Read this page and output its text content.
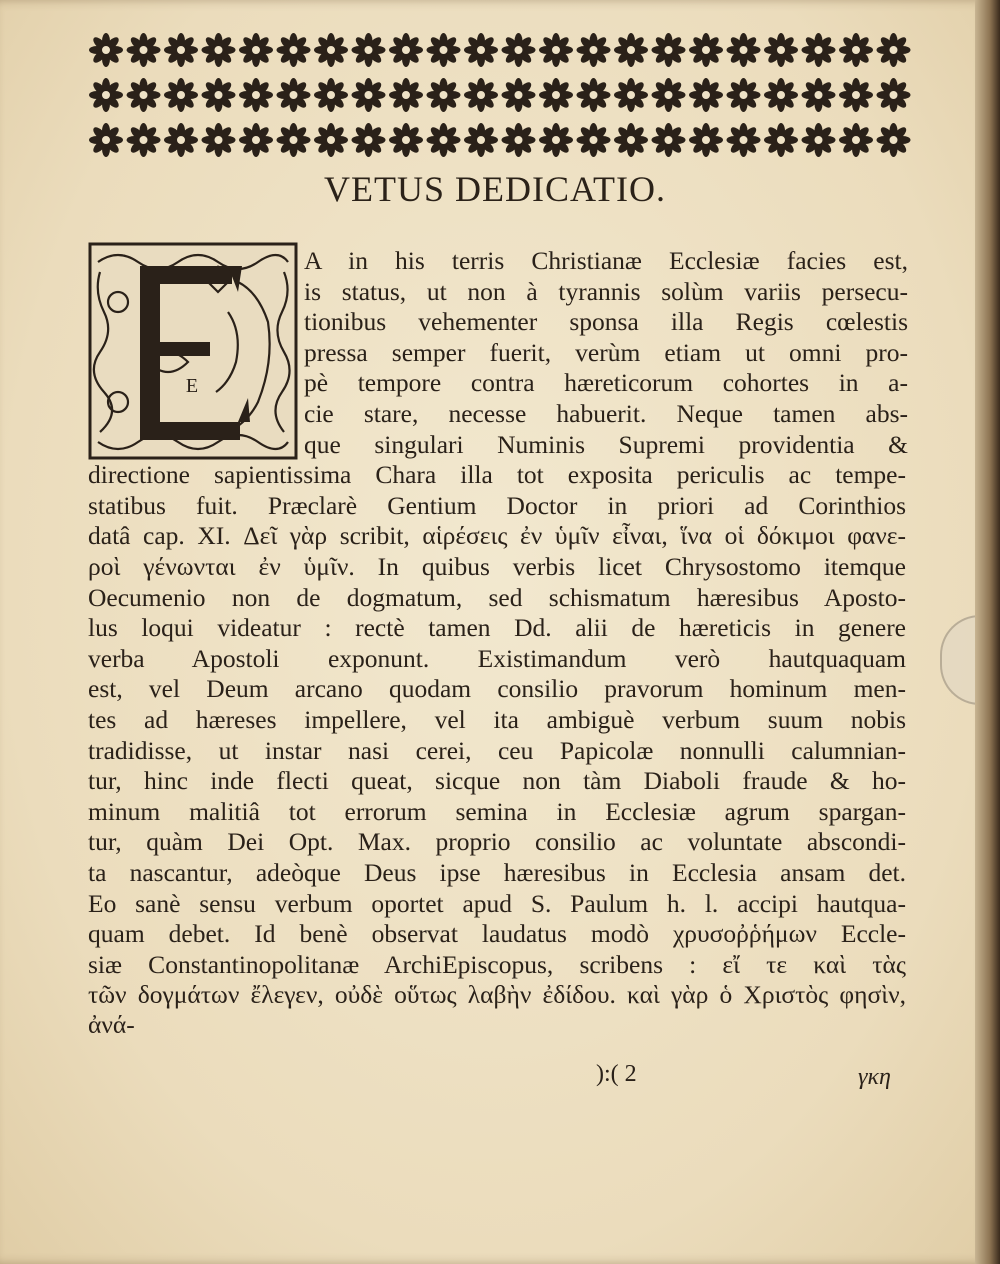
VETUS DEDICATIO.
E
A in his terris Christianæ Ecclesiæ facies est,
is status, ut non à tyrannis solùm variis persecu-
tionibus vehementer sponsa illa Regis cœlestis
pressa semper fuerit, verùm etiam ut omni pro-
pè tempore contra hæreticorum cohortes in a-
cie stare, necesse habuerit. Neque tamen abs-
que singulari Numinis Supremi providentia &
directione sapientissima Chara illa tot exposita periculis ac tempe-
statibus fuit. Præclarè Gentium Doctor in priori ad Corinthios
datâ cap. XI. Δεῖ γὰρ scribit, αἱρέσεις ἐν ὑμῖν εἶναι, ἵνα οἱ δόκιμοι φανε-
ροὶ γένωνται ἐν ὑμῖν. In quibus verbis licet Chrysostomo itemque
Oecumenio non de dogmatum, sed schismatum hæresibus Aposto-
lus loqui videatur : rectè tamen Dd. alii de hæreticis in genere
verba Apostoli exponunt. Existimandum verò hautquaquam
est, vel Deum arcano quodam consilio pravorum hominum men-
tes ad hæreses impellere, vel ita ambiguè verbum suum nobis
tradidisse, ut instar nasi cerei, ceu Papicolæ nonnulli calumnian-
tur, hinc inde flecti queat, sicque non tàm Diaboli fraude & ho-
minum malitiâ tot errorum semina in Ecclesiæ agrum spargan-
tur, quàm Dei Opt. Max. proprio consilio ac voluntate abscondi-
ta nascantur, adeòque Deus ipse hæresibus in Ecclesia ansam det.
Eo sanè sensu verbum oportet apud S. Paulum h. l. accipi hautqua-
quam debet. Id benè observat laudatus modò χρυσοῤῥήμων Eccle-
siæ Constantinopolitanæ ArchiEpiscopus, scribens : εἴ τε καὶ τὰς
τῶν δογμάτων ἔλεγεν, οὐδὲ οὕτως λαβὴν ἐδίδου. καὶ γὰρ ὁ Χριστὸς φησὶν, ἀνά-
):( 2	γκη
